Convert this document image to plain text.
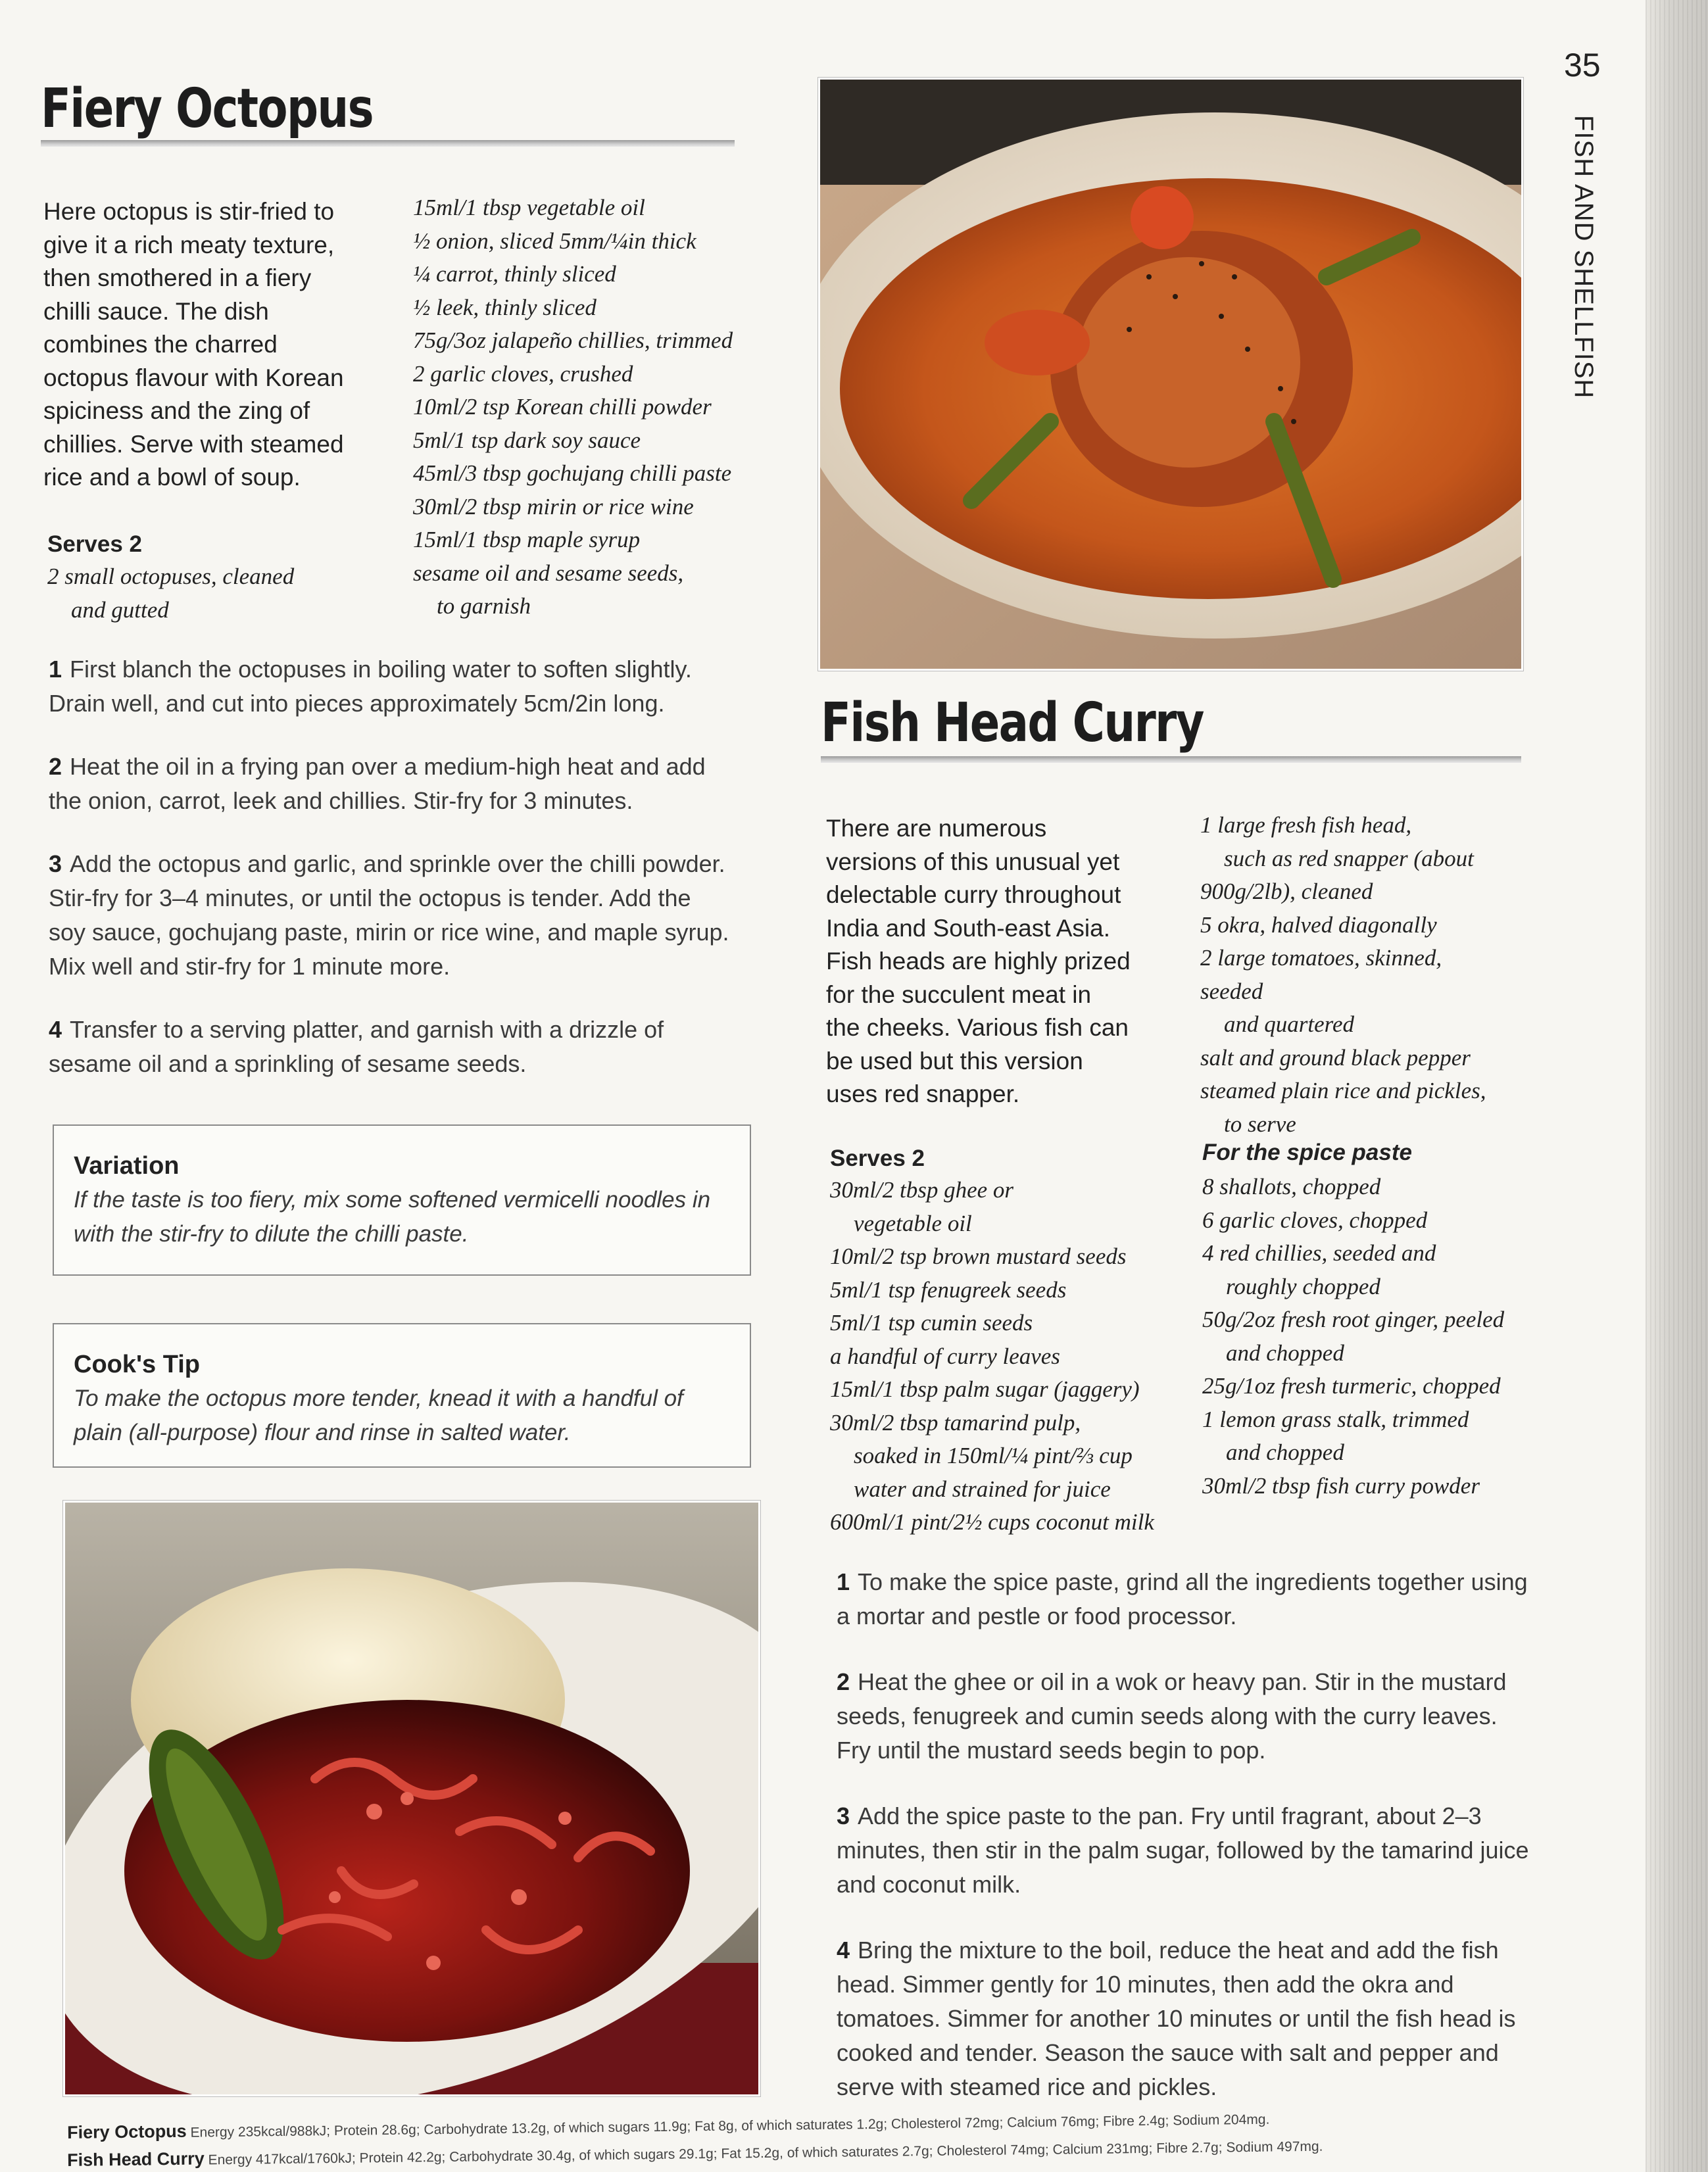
35
FISH AND SHELLFISH
Fiery Octopus
Here octopus is stir-fried to
give it a rich meaty texture,
then smothered in a fiery
chilli sauce. The dish
combines the charred
octopus flavour with Korean
spiciness and the zing of
chillies. Serve with steamed
rice and a bowl of soup.
Serves 2
2 small octopuses, cleaned
and gutted
15ml/1 tbsp vegetable oil
½ onion, sliced 5mm/¼in thick
¼ carrot, thinly sliced
½ leek, thinly sliced
75g/3oz jalapeño chillies, trimmed
2 garlic cloves, crushed
10ml/2 tsp Korean chilli powder
5ml/1 tsp dark soy sauce
45ml/3 tbsp gochujang chilli paste
30ml/2 tbsp mirin or rice wine
15ml/1 tbsp maple syrup
sesame oil and sesame seeds,
to garnish
1 First blanch the octopuses in boiling water to soften slightly. Drain well, and cut into pieces approximately 5cm/2in long.
2 Heat the oil in a frying pan over a medium-high heat and add the onion, carrot, leek and chillies. Stir-fry for 3 minutes.
3 Add the octopus and garlic, and sprinkle over the chilli powder. Stir-fry for 3–4 minutes, or until the octopus is tender. Add the soy sauce, gochujang paste, mirin or rice wine, and maple syrup. Mix well and stir-fry for 1 minute more.
4 Transfer to a serving platter, and garnish with a drizzle of sesame oil and a sprinkling of sesame seeds.
Variation
If the taste is too fiery, mix some softened vermicelli noodles in with the stir-fry to dilute the chilli paste.
Cook's Tip
To make the octopus more tender, knead it with a handful of plain (all-purpose) flour and rinse in salted water.
Fish Head Curry
There are numerous
versions of this unusual yet
delectable curry throughout
India and South-east Asia.
Fish heads are highly prized
for the succulent meat in
the cheeks. Various fish can
be used but this version
uses red snapper.
1 large fresh fish head,
such as red snapper (about
900g/2lb), cleaned
5 okra, halved diagonally
2 large tomatoes, skinned, seeded
and quartered
salt and ground black pepper
steamed plain rice and pickles,
to serve
Serves 2
30ml/2 tbsp ghee or
vegetable oil
10ml/2 tsp brown mustard seeds
5ml/1 tsp fenugreek seeds
5ml/1 tsp cumin seeds
a handful of curry leaves
15ml/1 tbsp palm sugar (jaggery)
30ml/2 tbsp tamarind pulp,
soaked in 150ml/¼ pint/⅔ cup
water and strained for juice
600ml/1 pint/2½ cups coconut milk
For the spice paste
8 shallots, chopped
6 garlic cloves, chopped
4 red chillies, seeded and
roughly chopped
50g/2oz fresh root ginger, peeled
and chopped
25g/1oz fresh turmeric, chopped
1 lemon grass stalk, trimmed
and chopped
30ml/2 tbsp fish curry powder
1 To make the spice paste, grind all the ingredients together using a mortar and pestle or food processor.
2 Heat the ghee or oil in a wok or heavy pan. Stir in the mustard seeds, fenugreek and cumin seeds along with the curry leaves. Fry until the mustard seeds begin to pop.
3 Add the spice paste to the pan. Fry until fragrant, about 2–3 minutes, then stir in the palm sugar, followed by the tamarind juice and coconut milk.
4 Bring the mixture to the boil, reduce the heat and add the fish head. Simmer gently for 10 minutes, then add the okra and tomatoes. Simmer for another 10 minutes or until the fish head is cooked and tender. Season the sauce with salt and pepper and serve with steamed rice and pickles.
Fiery Octopus Energy 235kcal/988kJ; Protein 28.6g; Carbohydrate 13.2g, of which sugars 11.9g; Fat 8g, of which saturates 1.2g; Cholesterol 72mg; Calcium 76mg; Fibre 2.4g; Sodium 204mg.
Fish Head Curry Energy 417kcal/1760kJ; Protein 42.2g; Carbohydrate 30.4g, of which sugars 29.1g; Fat 15.2g, of which saturates 2.7g; Cholesterol 74mg; Calcium 231mg; Fibre 2.7g; Sodium 497mg.
